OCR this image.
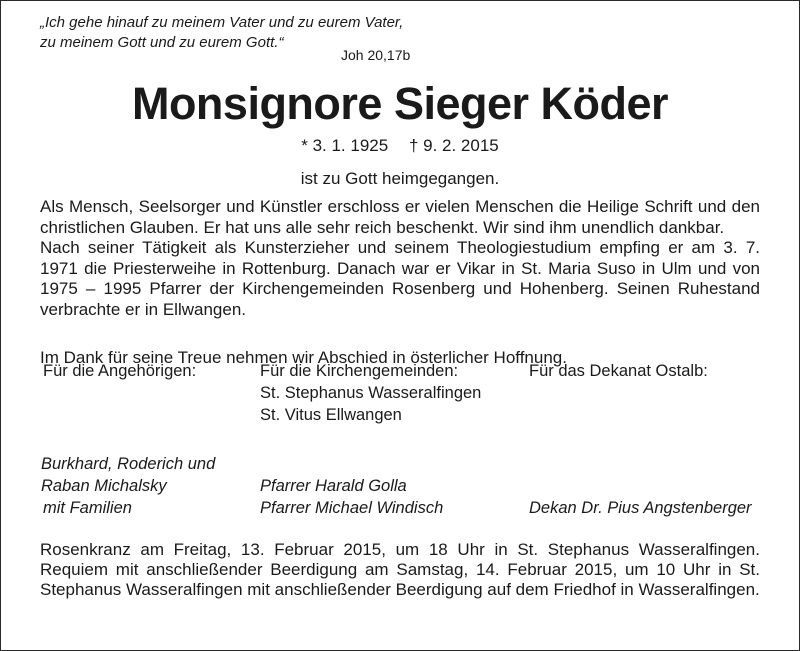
„Ich gehe hinauf zu meinem Vater und zu eurem Vater,
zu meinem Gott und zu eurem Gott.“
Joh 20,17b
Monsignore Sieger Köder
* 3. 1. 1925 † 9. 2. 2015
ist zu Gott heimgegangen.

Als Mensch, Seelsorger und Künstler erschloss er vielen Menschen die Heilige Schrift und den christlichen Glauben. Er hat uns alle sehr reich beschenkt. Wir sind ihm unendlich dankbar.

Nach seiner Tätigkeit als Kunsterzieher und seinem Theologiestudium empfing er am 3. 7. 1971 die Priesterweihe in Rottenburg. Danach war er Vikar in St. Maria Suso in Ulm und von 1975 – 1995 Pfarrer der Kirchengemeinden Rosenberg und Hohenberg. Seinen Ruhestand verbrachte er in Ellwangen.

Im Dank für seine Treue nehmen wir Abschied in österlicher Hoffnung.
Für die Angehörigen:
Burkhard, Roderich und
Raban Michalsky
mit Familien
Für die Kirchengemeinden:
St. Stephanus Wasseralfingen
St. Vitus Ellwangen
Pfarrer Harald Golla
Pfarrer Michael Windisch
Für das Dekanat Ostalb:
Dekan Dr. Pius Angstenberger

Rosenkranz am Freitag, 13. Februar 2015, um 18 Uhr in St. Stephanus Wasseralfingen. Requiem mit anschließender Beerdigung am Samstag, 14. Februar 2015, um 10 Uhr in St. Stephanus Wasseralfingen mit anschließender Beerdigung auf dem Friedhof in Wasseralfingen.
